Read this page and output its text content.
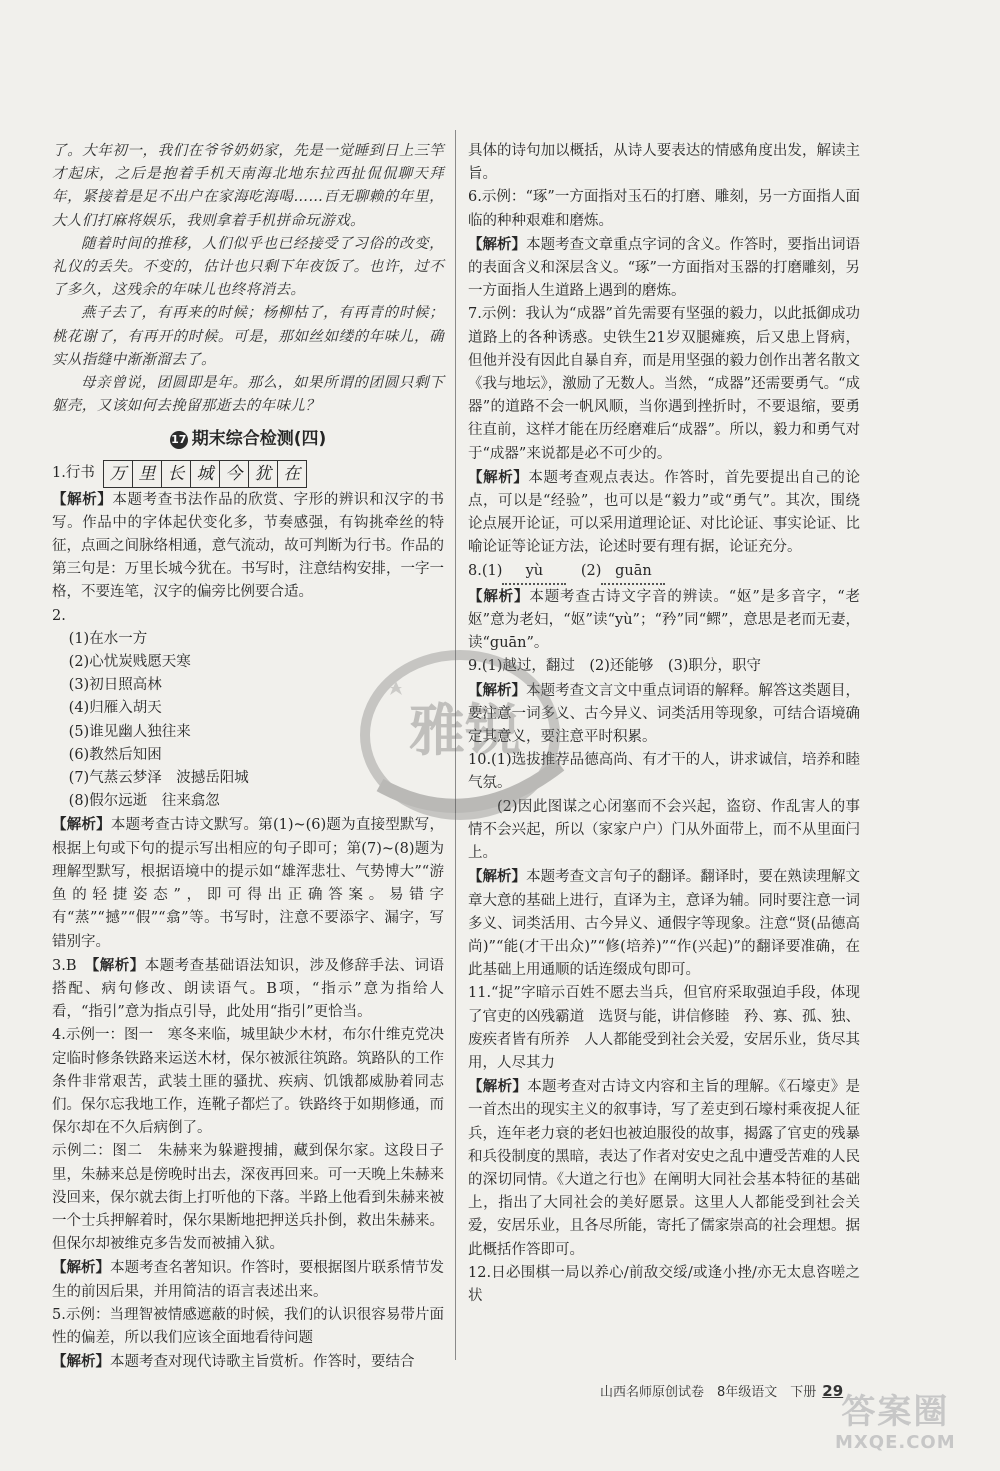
了。大年初一，我们在爷爷奶奶家，先是一觉睡到日上三竿才起床，之后是抱着手机天南海北地东拉西扯侃侃聊天拜年，紧接着是足不出户在家海吃海喝……百无聊赖的年里，大人们打麻将娱乐，我则拿着手机拼命玩游戏。

随着时间的推移，人们似乎也已经接受了习俗的改变，礼仪的丢失。不变的，估计也只剩下年夜饭了。也许，过不了多久，这残余的年味儿也终将消去。

燕子去了，有再来的时候；杨柳枯了，有再青的时候；桃花谢了，有再开的时候。可是，那如丝如缕的年味儿，确实从指缝中渐渐溜去了。

母亲曾说，团圆即是年。那么，如果所谓的团圆只剩下躯壳，又该如何去挽留那逝去的年味儿？

17 期末综合检测(四)
1.行书 万 里 长 城 今 犹 在

【解析】本题考查书法作品的欣赏、字形的辨识和汉字的书写。作品中的字体起伏变化多，节奏感强，有钩挑牵丝的特征，点画之间脉络相通，意气流动，故可判断为行书。作品的第三句是：万里长城今犹在。书写时，注意结构安排，一字一格，不要连笔，汉字的偏旁比例要合适。

2.

(1)在水一方

(2)心忧炭贱愿天寒

(3)初日照高林

(4)归雁入胡天

(5)谁见幽人独往来

(6)教然后知困

(7)气蒸云梦泽　波撼岳阳城

(8)假尔远逝　往来翕忽

【解析】本题考查古诗文默写。第(1)~(6)题为直接型默写，根据上句或下句的提示写出相应的句子即可；第(7)~(8)题为理解型默写，根据语境中的提示如“雄浑悲壮、气势博大”“游鱼的轻捷姿态”，即可得出正确答案。易错字有“蒸”“撼”“假”“翕”等。书写时，注意不要添字、漏字，写错别字。

3.B　【解析】本题考查基础语法知识，涉及修辞手法、词语搭配、病句修改、朗读语气。B项，“指示”意为指给人看，“指引”意为指点引导，此处用“指引”更恰当。

4.示例一：图一　寒冬来临，城里缺少木材，布尔什维克党决定临时修条铁路来运送木材，保尔被派往筑路。筑路队的工作条件非常艰苦，武装土匪的骚扰、疾病、饥饿都威胁着同志们。保尔忘我地工作，连靴子都烂了。铁路终于如期修通，而保尔却在不久后病倒了。

示例二：图二　朱赫来为躲避搜捕，藏到保尔家。这段日子里，朱赫来总是傍晚时出去，深夜再回来。可一天晚上朱赫来没回来，保尔就去街上打听他的下落。半路上他看到朱赫来被一个士兵押解着时，保尔果断地把押送兵扑倒，救出朱赫来。但保尔却被维克多告发而被捕入狱。

【解析】本题考查名著知识。作答时，要根据图片联系情节发生的前因后果，并用简洁的语言表述出来。

5.示例：当理智被情感遮蔽的时候，我们的认识很容易带片面性的偏差，所以我们应该全面地看待问题

【解析】本题考查对现代诗歌主旨赏析。作答时，要结合

具体的诗句加以概括，从诗人要表达的情感角度出发，解读主旨。

6.示例：“琢”一方面指对玉石的打磨、雕刻，另一方面指人面临的种种艰难和磨炼。

【解析】本题考查文章重点字词的含义。作答时，要指出词语的表面含义和深层含义。“琢”一方面指对玉器的打磨雕刻，另一方面指人生道路上遇到的磨炼。

7.示例：我认为“成器”首先需要有坚强的毅力，以此抵御成功道路上的各种诱惑。史铁生21岁双腿瘫痪，后又患上肾病，但他并没有因此自暴自弃，而是用坚强的毅力创作出著名散文《我与地坛》，激励了无数人。当然，“成器”还需要勇气。“成器”的道路不会一帆风顺，当你遇到挫折时，不要退缩，要勇往直前，这样才能在历经磨难后“成器”。所以，毅力和勇气对于“成器”来说都是必不可少的。

【解析】本题考查观点表达。作答时，首先要提出自己的论点，可以是“经验”，也可以是“毅力”或“勇气”。其次，围绕论点展开论证，可以采用道理论证、对比论证、事实论证、比喻论证等论证方法，论述时要有理有据，论证充分。

8.(1) yù　	(2) guān

【解析】本题考查古诗文字音的辨读。“妪”是多音字，“老妪”意为老妇，“妪”读“yù”；“矜”同“鳏”，意思是老而无妻，读“guān”。

9.(1)越过，翻过　(2)还能够　(3)职分，职守

【解析】本题考查文言文中重点词语的解释。解答这类题目，要注意一词多义、古今异义、词类活用等现象，可结合语境确定其意义，要注意平时积累。

10.(1)选拔推荐品德高尚、有才干的人，讲求诚信，培养和睦气氛。

(2)因此图谋之心闭塞而不会兴起，盗窃、作乱害人的事情不会兴起，所以（家家户户）门从外面带上，而不从里面闩上。

【解析】本题考查文言句子的翻译。翻译时，要在熟读理解文章大意的基础上进行，直译为主，意译为辅。同时要注意一词多义、词类活用、古今异义、通假字等现象。注意“贤(品德高尚)”“能(才干出众)”“修(培养)”“作(兴起)”的翻译要准确，在此基础上用通顺的话连缀成句即可。

11.“捉”字暗示百姓不愿去当兵，但官府采取强迫手段，体现了官吏的凶残霸道　选贤与能，讲信修睦　矜、寡、孤、独、废疾者皆有所养　人人都能受到社会关爱，安居乐业，货尽其用，人尽其力

【解析】本题考查对古诗文内容和主旨的理解。《石壕吏》是一首杰出的现实主义的叙事诗，写了差吏到石壕村乘夜捉人征兵，连年老力衰的老妇也被迫服役的故事，揭露了官吏的残暴和兵役制度的黑暗，表达了作者对安史之乱中遭受苦难的人民的深切同情。《大道之行也》在阐明大同社会基本特征的基础上，指出了大同社会的美好愿景。这里人人都能受到社会关爱，安居乐业，且各尽所能，寄托了儒家崇高的社会理想。据此概括作答即可。

12.日必围棋一局以养心/前敌交绥/或逢小挫/亦无太息咨嗟之状

雅锐
山西名师原创试卷　8年级语文　下册 29
答案圈
MXQE.COM
